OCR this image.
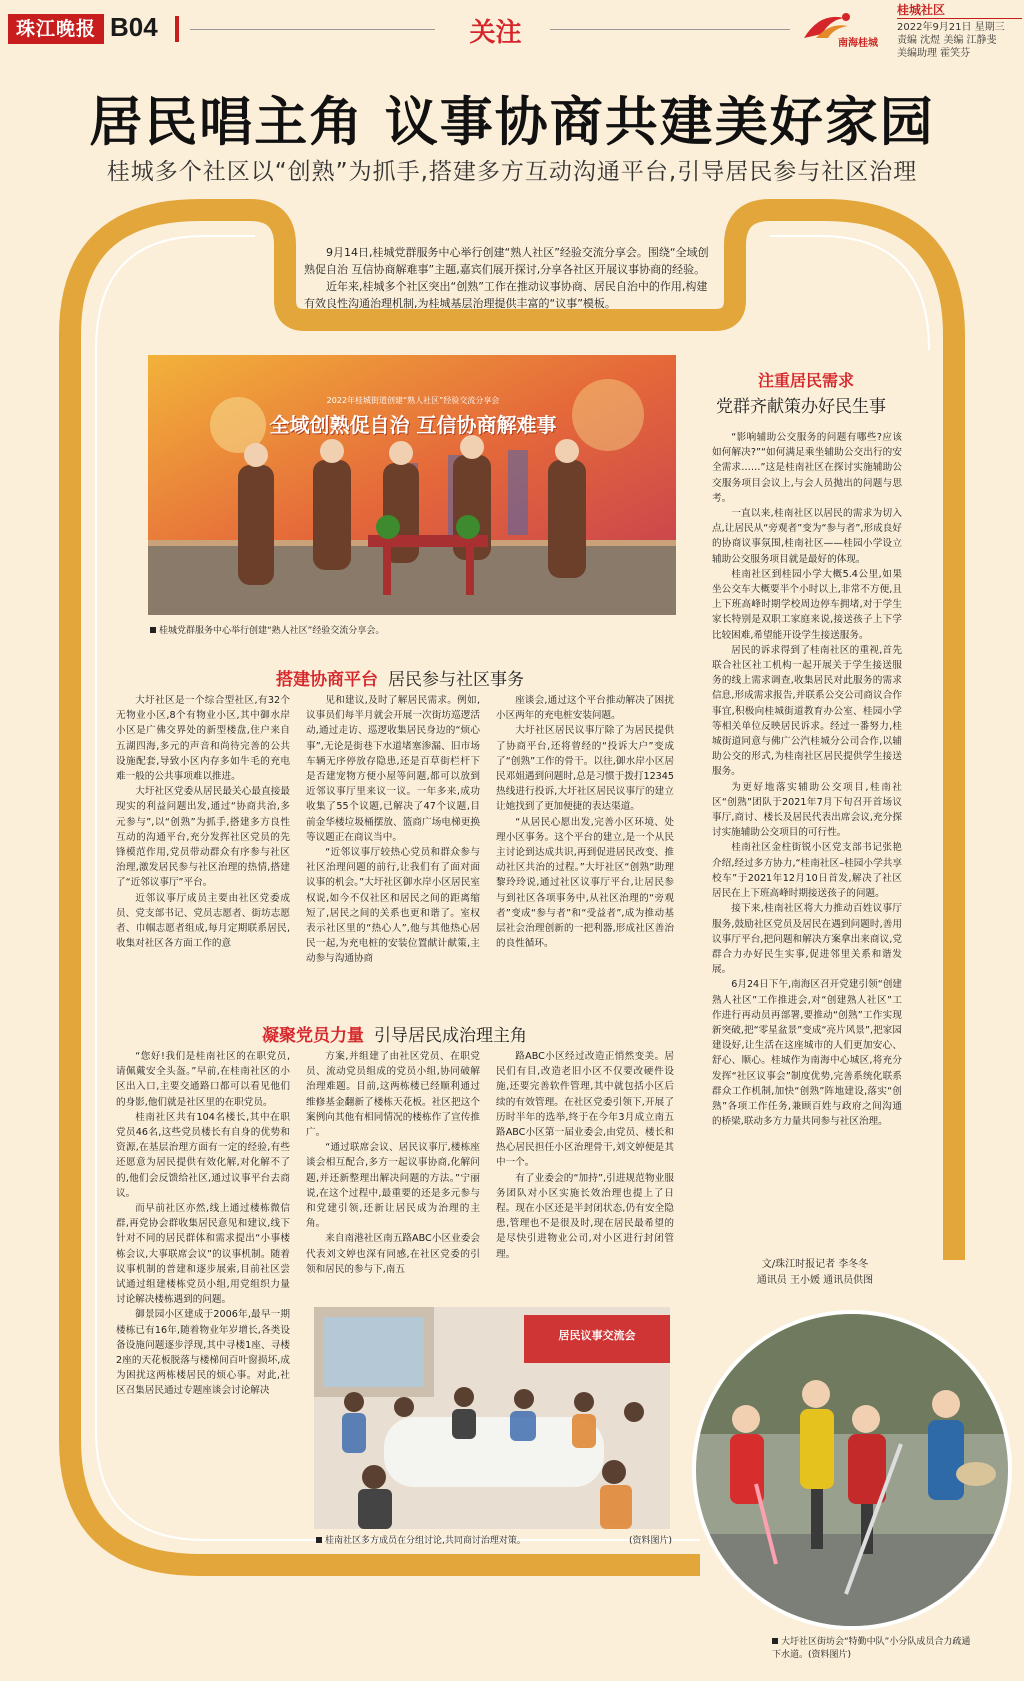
珠江晚报 B04	关注	南海桂城
桂城社区
2022年9月21日 星期三
责编 沈煜 美编 江静斐
美编助理 霍笑芬
居民唱主角 议事协商共建美好家园
桂城多个社区以“创熟”为抓手,搭建多方互动沟通平台,引导居民参与社区治理

9月14日,桂城党群服务中心举行创建“熟人社区”经验交流分享会。围绕“全域创熟促自治 互信协商解难事”主题,嘉宾们展开探讨,分享各社区开展议事协商的经验。

近年来,桂城多个社区突出“创熟”工作在推动议事协商、居民自治中的作用,构建有效良性沟通治理机制,为桂城基层治理提供丰富的“议事”模板。

2022年桂城街道创建“熟人社区”经验交流分享会
全域创熟促自治 互信协商解难事
桂城党群服务中心举行创建“熟人社区”经验交流分享会。
搭建协商平台 居民参与社区事务

大圩社区是一个综合型社区,有32个无物业小区,8个有物业小区,其中御水岸小区是广佛交界处的新型楼盘,住户来自五湖四海,多元的声音和尚待完善的公共设施配套,导致小区内存多如牛毛的充电难一般的公共事项难以推进。

大圩社区党委从居民最关心最直接最现实的利益问题出发,通过“协商共治,多元参与”,以“创熟”为抓手,搭建多方良性互动的沟通平台,充分发挥社区党员的先锋模范作用,党员带动群众有序参与社区治理,激发居民参与社区治理的热情,搭建了“近邻议事厅”平台。

近邻议事厅成员主要由社区党委成员、党支部书记、党员志愿者、街坊志愿者、巾帼志愿者组成,每月定期联系居民,收集对社区各方面工作的意

见和建议,及时了解居民需求。例如,议事员们每半月就会开展一次街坊巡逻活动,通过走访、巡逻收集居民身边的“烦心事”,无论是街巷下水道堵塞渗漏、旧市场车辆无序停放存隐患,还是百草街栏杆下是否建宠物方便小屋等问题,都可以放到近邻议事厅里来议一议。一年多来,成功收集了55个议题,已解决了47个议题,目前金华楼垃圾桶摆放、篮商广场电梯更换等议题正在商议当中。

“近邻议事厅较热心党员和群众参与社区治理问题的前行,让我们有了面对面议事的机会。”大圩社区御水岸小区居民室权说,如今不仅社区和居民之间的距离缩短了,居民之间的关系也更和谐了。室权表示社区里的“热心人”,他与其他热心居民一起,为充电桩的安装位置献计献策,主动参与沟通协商

座谈会,通过这个平台推动解决了困扰小区两年的充电桩安装问题。

大圩社区居民议事厅除了为居民提供了协商平台,还将曾经的“投诉大户”变成了“创熟”工作的骨干。以往,御水岸小区居民邓姐遇到问题时,总是习惯于拨打12345热线进行投诉,大圩社区居民议事厅的建立让她找到了更加便捷的表达渠道。

“从居民心愿出发,完善小区环境、处理小区事务。这个平台的建立,是一个从民主讨论到达成共识,再到促进居民改变、推动社区共治的过程。”大圩社区“创熟”助理黎玲玲说,通过社区议事厅平台,让居民参与到社区各项事务中,从社区治理的“旁观者”变成“参与者”和“受益者”,成为推动基层社会治理创新的一把利器,形成社区善治的良性循环。

凝聚党员力量 引导居民成治理主角

“您好!我们是桂南社区的在职党员,请佩戴安全头盔。”早前,在桂南社区的小区出入口,主要交通路口都可以看见他们的身影,他们就是社区里的在职党员。

桂南社区共有104名楼长,其中在职党员46名,这些党员楼长有自身的优势和资源,在基层治理方面有一定的经验,有些还愿意为居民提供有效化解,对化解不了的,他们会反馈给社区,通过议事平台去商议。

而早前社区亦然,线上通过楼栋微信群,再党协会群收集居民意见和建议,线下针对不同的居民群体和需求提出“小事楼栋会议,大事联席会议”的议事机制。随着议事机制的普建和逐步展索,目前社区尝试通过组建楼栋党员小组,用党组织力量讨论解决楼栋遇到的问题。

御景园小区建成于2006年,最早一期楼栋已有16年,随着物业年岁增长,各类设备设施问题逐步浮现,其中寻楼1座、寻楼2座的天花板脱落与楼梯间百叶窗损坏,成为困扰这两栋楼居民的烦心事。对此,社区召集居民通过专题座谈会讨论解决

方案,并组建了由社区党员、在职党员、流动党员组成的党员小组,协同破解治理难题。目前,这两栋楼已经顺利通过维修基金翻新了楼栋天花板。社区把这个案例向其他有相同情况的楼栋作了宣传推广。

“通过联席会议、居民议事厅,楼栋座谈会相互配合,多方一起议事协商,化解问题,并还新整理出解决问题的方法。”宁丽说,在这个过程中,最重要的还是多元参与和党建引领,还新让居民成为治理的主角。

来自南港社区南五路ABC小区业委会代表刘文婷也深有同感,在社区党委的引领和居民的参与下,南五

路ABC小区经过改造正悄然变美。居民们有目,改造老旧小区不仅要改硬件设施,还要完善软件管理,其中就包括小区后续的有效管理。在社区党委引领下,开展了历时半年的选举,终于在今年3月成立南五路ABC小区第一届业委会,由党员、楼长和热心居民担任小区治理骨干,刘文婷便是其中一个。

有了业委会的“加持”,引进规范物业服务团队对小区实施长效治理也提上了日程。现在小区还是半封闭状态,仍有安全隐患,管理也不是很及时,现在居民最希望的是尽快引进物业公司,对小区进行封闭管理。

居民议事交流会
桂南社区多方成员在分组讨论,共同商讨治理对策。	(资料图片)
注重居民需求
党群齐献策办好民生事

“影响辅助公交服务的问题有哪些?应该如何解决?”“如何满足乘坐辅助公交出行的安全需求……”这是桂南社区在探讨实施辅助公交服务项目会议上,与会人员抛出的问题与思考。

一直以来,桂南社区以居民的需求为切入点,让居民从“旁观者”变为“参与者”,形成良好的协商议事氛围,桂南社区——桂园小学设立辅助公交服务项目就是最好的体现。

桂南社区到桂园小学大概5.4公里,如果坐公交车大概要半个小时以上,非常不方便,且上下班高峰时期学校周边停车拥堵,对于学生家长特别是双职工家庭来说,接送孩子上下学比较困难,希望能开设学生接送服务。

居民的诉求得到了桂南社区的重视,首先联合社区社工机构一起开展关于学生接送服务的线上需求调查,收集居民对此服务的需求信息,形成需求报告,并联系公交公司商议合作事宜,积极向桂城街道教育办公室、桂园小学等相关单位反映居民诉求。经过一番努力,桂城街道同意与佛广公汽桂城分公司合作,以辅助公交的形式,为桂南社区居民提供学生接送服务。

为更好地落实辅助公交项目,桂南社区“创熟”团队于2021年7月下旬召开首场议事厅,商讨、楼长及居民代表出席会议,充分探讨实施辅助公交项目的可行性。

桂南社区金柱街锐小区党支部书记张艳介绍,经过多方协力,“桂南社区–桂园小学共享校车”于2021年12月10日首发,解决了社区居民在上下班高峰时期接送孩子的问题。

接下来,桂南社区将大力推动百姓议事厅服务,鼓励社区党员及居民在遇到问题时,善用议事厅平台,把问题和解决方案拿出来商议,党群合力办好民生实事,促进邻里关系和谐发展。

6月24日下午,南海区召开党建引领“创建熟人社区”工作推进会,对“创建熟人社区”工作进行再动员再部署,要推动“创熟”工作实现新突破,把“零星盆景”变成“亮片风景”,把家园建设好,让生活在这座城市的人们更加安心、舒心、顺心。桂城作为南海中心城区,将充分发挥“社区议事会”制度优势,完善系统化联系群众工作机制,加快“创熟”阵地建设,落实“创熟”各项工作任务,兼顾百姓与政府之间沟通的桥梁,联动多方力量共同参与社区治理。

文/珠江时报记者 李冬冬
通讯员 王小媛 通讯员供图
大圩社区街坊会“特勤中队”小分队成员合力疏通下水道。(资料图片)
